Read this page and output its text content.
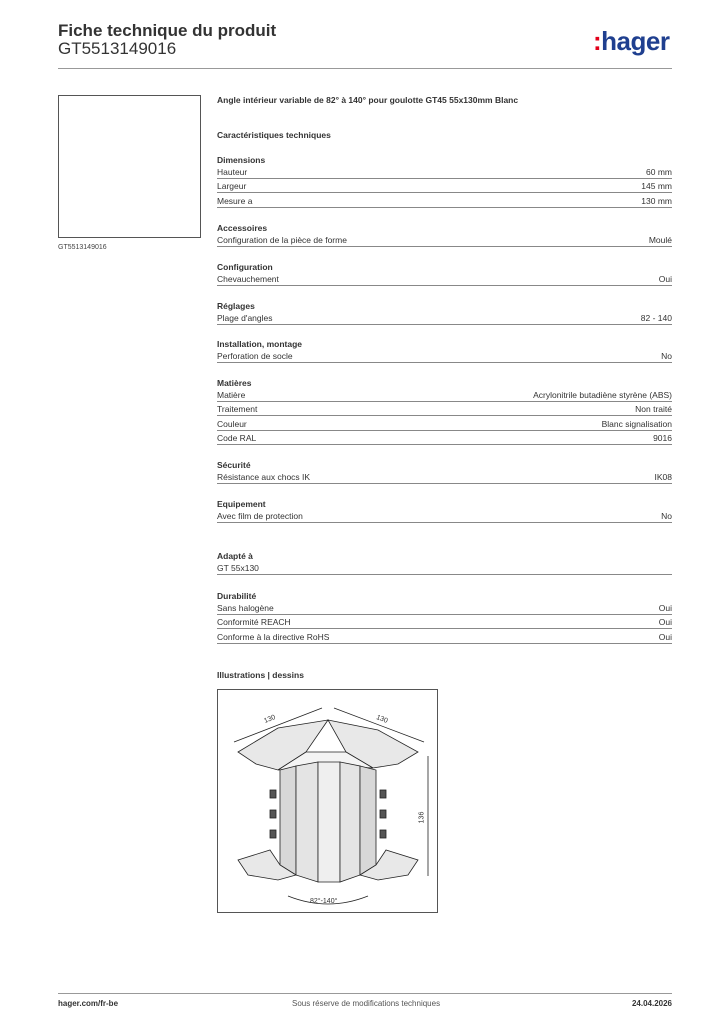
Fiche technique du produit
GT5513149016	:hager
GT5513149016
Angle intérieur variable de 82° à 140° pour goulotte GT45 55x130mm Blanc
Caractéristiques techniques
Dimensions
Hauteur	60 mm
Largeur	145 mm
Mesure a	130 mm
Accessoires
Configuration de la pièce de forme	Moulé
Configuration
Chevauchement	Oui
Réglages
Plage d'angles	82 - 140
Installation, montage
Perforation de socle	No
Matières
Matière	Acrylonitrile butadiène styrène (ABS)
Traitement	Non traité
Couleur	Blanc signalisation
Code RAL	9016
Sécurité
Résistance aux chocs IK	IK08
Equipement
Avec film de protection	No
Adapté à
GT 55x130
Durabilité
Sans halogène	Oui
Conformité REACH	Oui
Conforme à la directive RoHS	Oui
Illustrations | dessins
130	130
136
82°-140°
hager.com/fr-be	Sous réserve de modifications techniques	24.04.2026
